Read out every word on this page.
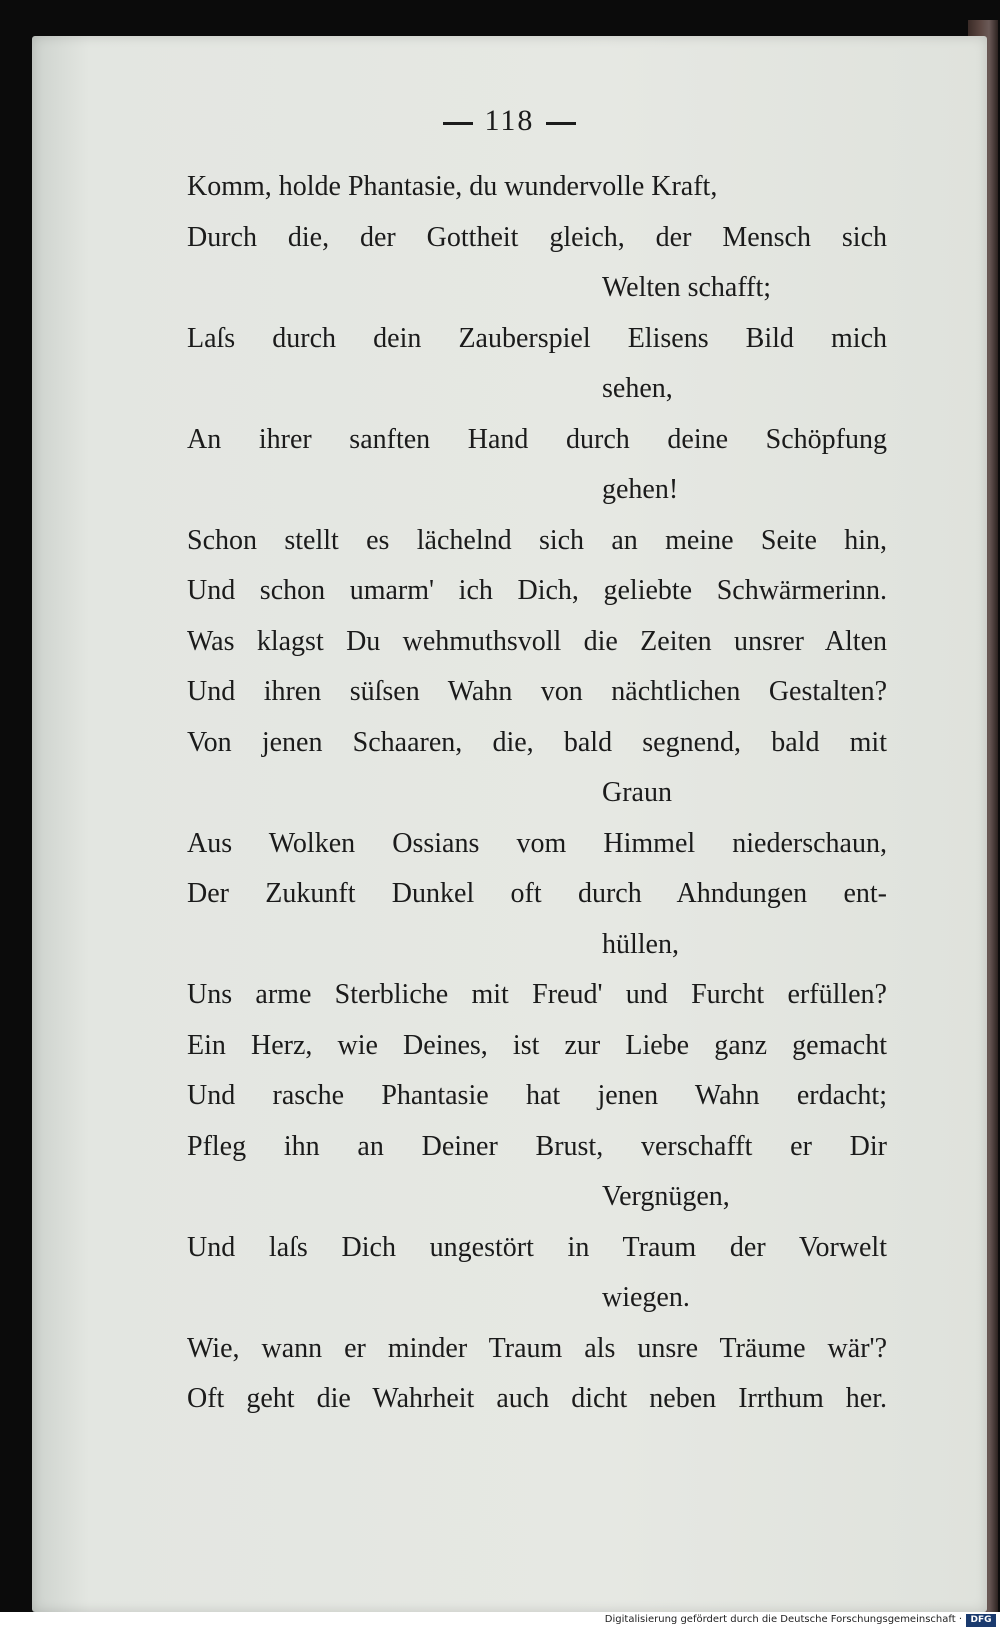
118
Komm, holde Phantasie, du wundervolle Kraft,
Durch die, der Gottheit gleich, der Mensch sich
Welten schafft;
Laſs durch dein Zauberspiel Elisens Bild mich
sehen,
An ihrer sanften Hand durch deine Schöpfung
gehen!
Schon stellt es lächelnd sich an meine Seite hin,
Und schon umarm' ich Dich, geliebte Schwärmerinn.
Was klagst Du wehmuthsvoll die Zeiten unsrer Alten
Und ihren süſsen Wahn von nächtlichen Gestalten?
Von jenen Schaaren, die, bald segnend, bald mit
Graun
Aus Wolken Ossians vom Himmel niederschaun,
Der Zukunft Dunkel oft durch Ahndungen ent-
hüllen,
Uns arme Sterbliche mit Freud' und Furcht erfüllen?
Ein Herz, wie Deines, ist zur Liebe ganz gemacht
Und rasche Phantasie hat jenen Wahn erdacht;
Pfleg ihn an Deiner Brust, verschafft er Dir
Vergnügen,
Und laſs Dich ungestört in Traum der Vorwelt
wiegen.
Wie, wann er minder Traum als unsre Träume wär'?
Oft geht die Wahrheit auch dicht neben Irrthum her.
Digitalisierung gefördert durch die Deutsche Forschungsgemeinschaft · DFG
